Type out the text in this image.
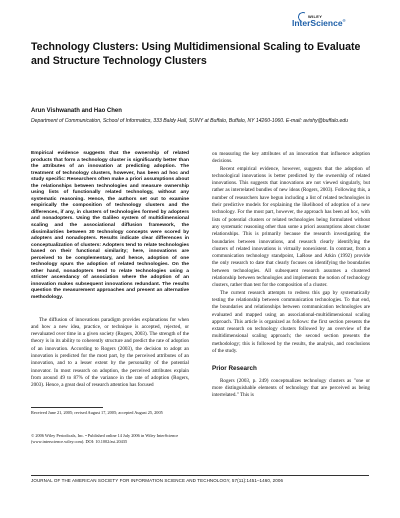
WILEY
InterScience®
Technology Clusters: Using Multidimensional Scaling to Evaluate and Structure Technology Clusters
Arun Vishwanath and Hao Chen
Department of Communication, School of Informatics, 333 Baldy Hall, SUNY at Buffalo, Buffalo, NY 14260-1060. E-mail: avishy@buffalo.edu

Empirical evidence suggests that the ownership of related products that form a technology cluster is significantly better than the attributes of an innovation at predicting adoption. The treatment of technology clusters, however, has been ad hoc and study specific: Researchers often make a priori assumptions about the relationships between technologies and measure ownership using lists of functionally related technology, without any systematic reasoning. Hence, the authors set out to examine empirically the composition of technology clusters and the differences, if any, in clusters of technologies formed by adopters and nonadopters. Using the Galileo system of multidimensional scaling and the associational diffusion framework, the dissimilarities between 30 technology concepts were scored by adopters and nonadopters. Results indicate clear differences in conceptualization of clusters: Adopters tend to relate technologies based on their functional similarity; here, innovations are perceived to be complementary, and hence, adoption of one technology spurs the adoption of related technologies. On the other hand, nonadopters tend to relate technologies using a stricter ascendancy of association where the adoption of an innovation makes subsequent innovations redundant. The results question the measurement approaches and present an alternative methodology.

The diffusion of innovations paradigm provides explanations for when and how a new idea, practice, or technique is accepted, rejected, or reevaluated over time in a given society (Rogers, 2003). The strength of the theory is in its ability to coherently structure and predict the rate of adoption of an innovation. According to Rogers (2003), the decision to adopt an innovation is predicted for the most part, by the perceived attributes of an innovation, and to a lesser extent by the personality of the potential innovator. In most research on adoption, the perceived attributes explain from around 49 to 87% of the variance in the rate of adoption (Rogers, 2003). Hence, a great deal of research attention has focused

Received June 21, 2005; revised August 17, 2005; accepted August 25, 2005
© 2006 Wiley Periodicals, Inc. • Published online 14 July 2006 in Wiley InterScience (www.interscience.wiley.com). DOI: 10.1002/asi.20435

on measuring the key attributes of an innovation that influence adoption decisions.

Recent empirical evidence, however, suggests that the adoption of technological innovations is better predicted by the ownership of related innovations. This suggests that innovations are not viewed singularly, but rather as interrelated bundles of new ideas (Rogers, 2003). Following this, a number of researchers have begun including a list of related technologies in their predictive models for explaining the likelihood of adoption of a new technology. For the most part, however, the approach has been ad hoc, with lists of potential clusters or related technologies being formulated without any systematic reasoning other than some a priori assumptions about cluster relationships. This is primarily because the research investigating the boundaries between innovations, and research clearly identifying the clusters of related innovations is virtually nonexistent. In contrast, from a communication technology standpoint, LaRose and Atkin (1992) provide the only research to date that clearly focuses on identifying the boundaries between technologies. All subsequent research assumes a clustered relationship between technologies and implements the notion of technology clusters, rather than test for the composition of a cluster.

The current research attempts to redress this gap by systematically testing the relationship between communication technologies. To that end, the boundaries and relationships between communication technologies are evaluated and mapped using an associational-multidimensional scaling approach. This article is organized as follows: the first section presents the extant research on technology clusters followed by an overview of the multidimensional scaling approach; the second section presents the methodology; this is followed by the results, the analysis, and conclusions of the study.

Prior Research

Rogers (2003, p. 249) conceptualizes technology clusters as "one or more distinguishable elements of technology that are perceived as being interrelated." This is

JOURNAL OF THE AMERICAN SOCIETY FOR INFORMATION SCIENCE AND TECHNOLOGY, 57(11):1451–1460, 2006
